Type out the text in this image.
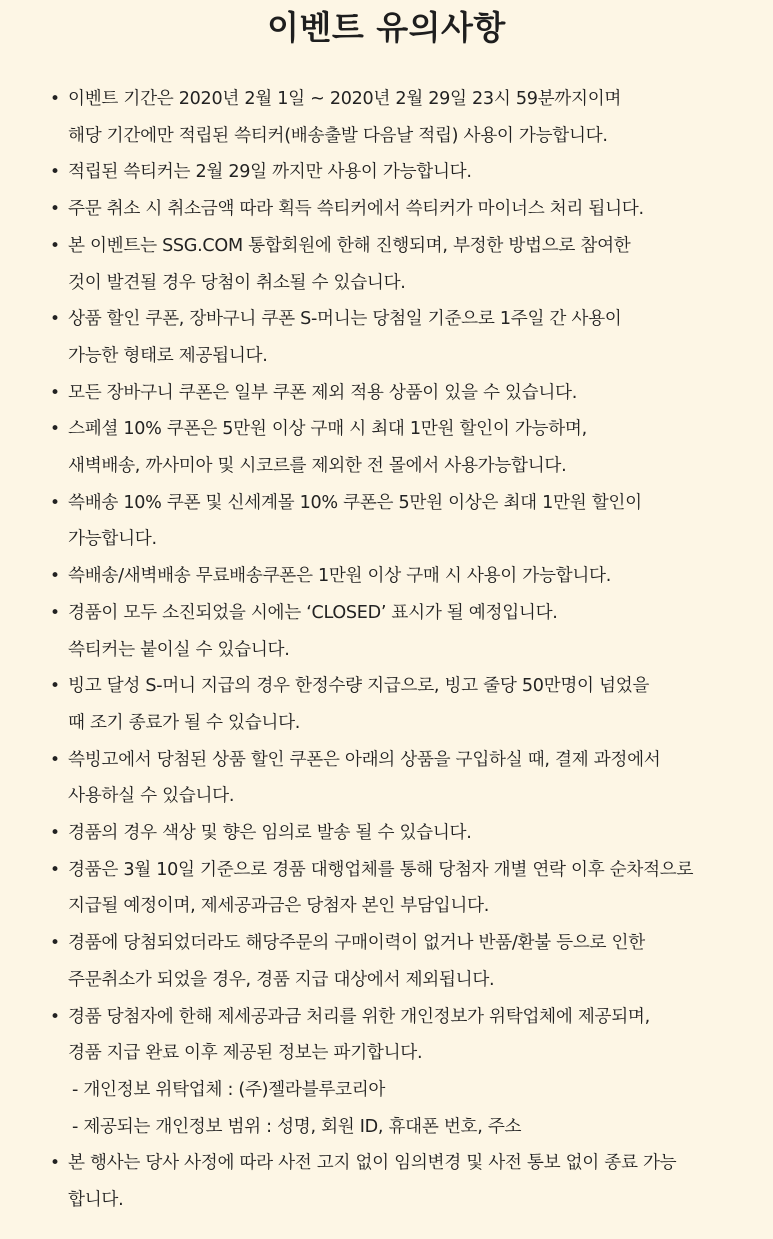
이벤트 유의사항
• 이벤트 기간은 2020년 2월 1일 ~ 2020년 2월 29일 23시 59분까지이며
해당 기간에만 적립된 쓱티커(배송출발 다음날 적립) 사용이 가능합니다.
• 적립된 쓱티커는 2월 29일 까지만 사용이 가능합니다.
• 주문 취소 시 취소금액 따라 획득 쓱티커에서 쓱티커가 마이너스 처리 됩니다.
• 본 이벤트는 SSG.COM 통합회원에 한해 진행되며, 부정한 방법으로 참여한
것이 발견될 경우 당첨이 취소될 수 있습니다.
• 상품 할인 쿠폰, 장바구니 쿠폰 S-머니는 당첨일 기준으로 1주일 간 사용이
가능한 형태로 제공됩니다.
• 모든 장바구니 쿠폰은 일부 쿠폰 제외 적용 상품이 있을 수 있습니다.
• 스페셜 10% 쿠폰은 5만원 이상 구매 시 최대 1만원 할인이 가능하며,
새벽배송, 까사미아 및 시코르를 제외한 전 몰에서 사용가능합니다.
• 쓱배송 10% 쿠폰 및 신세계몰 10% 쿠폰은 5만원 이상은 최대 1만원 할인이
가능합니다.
• 쓱배송/새벽배송 무료배송쿠폰은 1만원 이상 구매 시 사용이 가능합니다.
• 경품이 모두 소진되었을 시에는 ‘CLOSED’ 표시가 될 예정입니다.
쓱티커는 붙이실 수 있습니다.
• 빙고 달성 S-머니 지급의 경우 한정수량 지급으로, 빙고 줄당 50만명이 넘었을
때 조기 종료가 될 수 있습니다.
• 쓱빙고에서 당첨된 상품 할인 쿠폰은 아래의 상품을 구입하실 때, 결제 과정에서
사용하실 수 있습니다.
• 경품의 경우 색상 및 향은 임의로 발송 될 수 있습니다.
• 경품은 3월 10일 기준으로 경품 대행업체를 통해 당첨자 개별 연락 이후 순차적으로
지급될 예정이며, 제세공과금은 당첨자 본인 부담입니다.
• 경품에 당첨되었더라도 해당주문의 구매이력이 없거나 반품/환불 등으로 인한
주문취소가 되었을 경우, 경품 지급 대상에서 제외됩니다.
• 경품 당첨자에 한해 제세공과금 처리를 위한 개인정보가 위탁업체에 제공되며,
경품 지급 완료 이후 제공된 정보는 파기합니다.
- 개인정보 위탁업체 : (주)젤라블루코리아
- 제공되는 개인정보 범위 : 성명, 회원 ID, 휴대폰 번호, 주소
• 본 행사는 당사 사정에 따라 사전 고지 없이 임의변경 및 사전 통보 없이 종료 가능
합니다.
